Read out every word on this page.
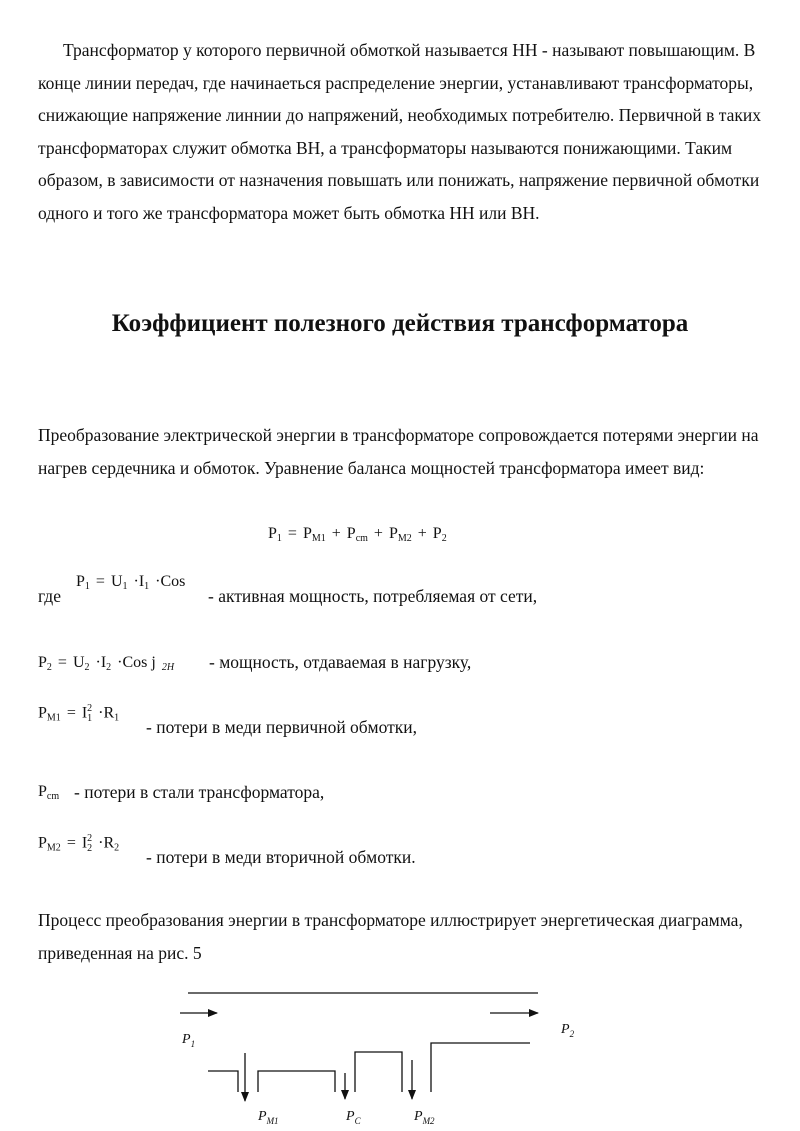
Трансформатор у которого первичной обмоткой называется НН - называют повышающим. В конце линии передач, где начинаеться распределение энергии, устанавливают трансформаторы, снижающие напряжение линнии до напряжений, необходимых потребителю. Первичной в таких трансформаторах служит обмотка ВН, а трансформаторы называются понижающими. Таким образом, в зависимости от назначения повышать или понижать, напряжение первичной обмотки одного и того же трансформатора может быть обмотка НН или ВН.

Коэффициент полезного действия трансформатора

Преобразование электрической энергии в трансформаторе сопровождается потерями энергии на нагрев сердечника и обмоток. Уравнение баланса мощностей трансформатора имеет вид:

$P_1 = P_{M1} + P_{cm} + P_{M2} + P_2$
где
$P_1 = U_1 \cdot I_1 \cdot Cos$
- активная мощность, потребляемая от сети,
$P_2 = U_2 \cdot I_2 \cdot Cos$ j $_{2Н}$ - мощность, отдаваемая в нагрузку,
$P_{M1} = I$ 2
$1 \cdot R_1$ - потери в меди первичной обмотки,
$P_{cm}$ - потери в стали трансформатора,
$P_{M2} = I$ 2
$2 \cdot R_2$ - потери в меди вторичной обмотки.

Процесс преобразования энергии в трансформаторе иллюстрирует энергетическая диаграмма, приведенная на рис. 5

$P_1$
$P_2$
$P_{M1}$	$P_C$	$P_{M2}$
